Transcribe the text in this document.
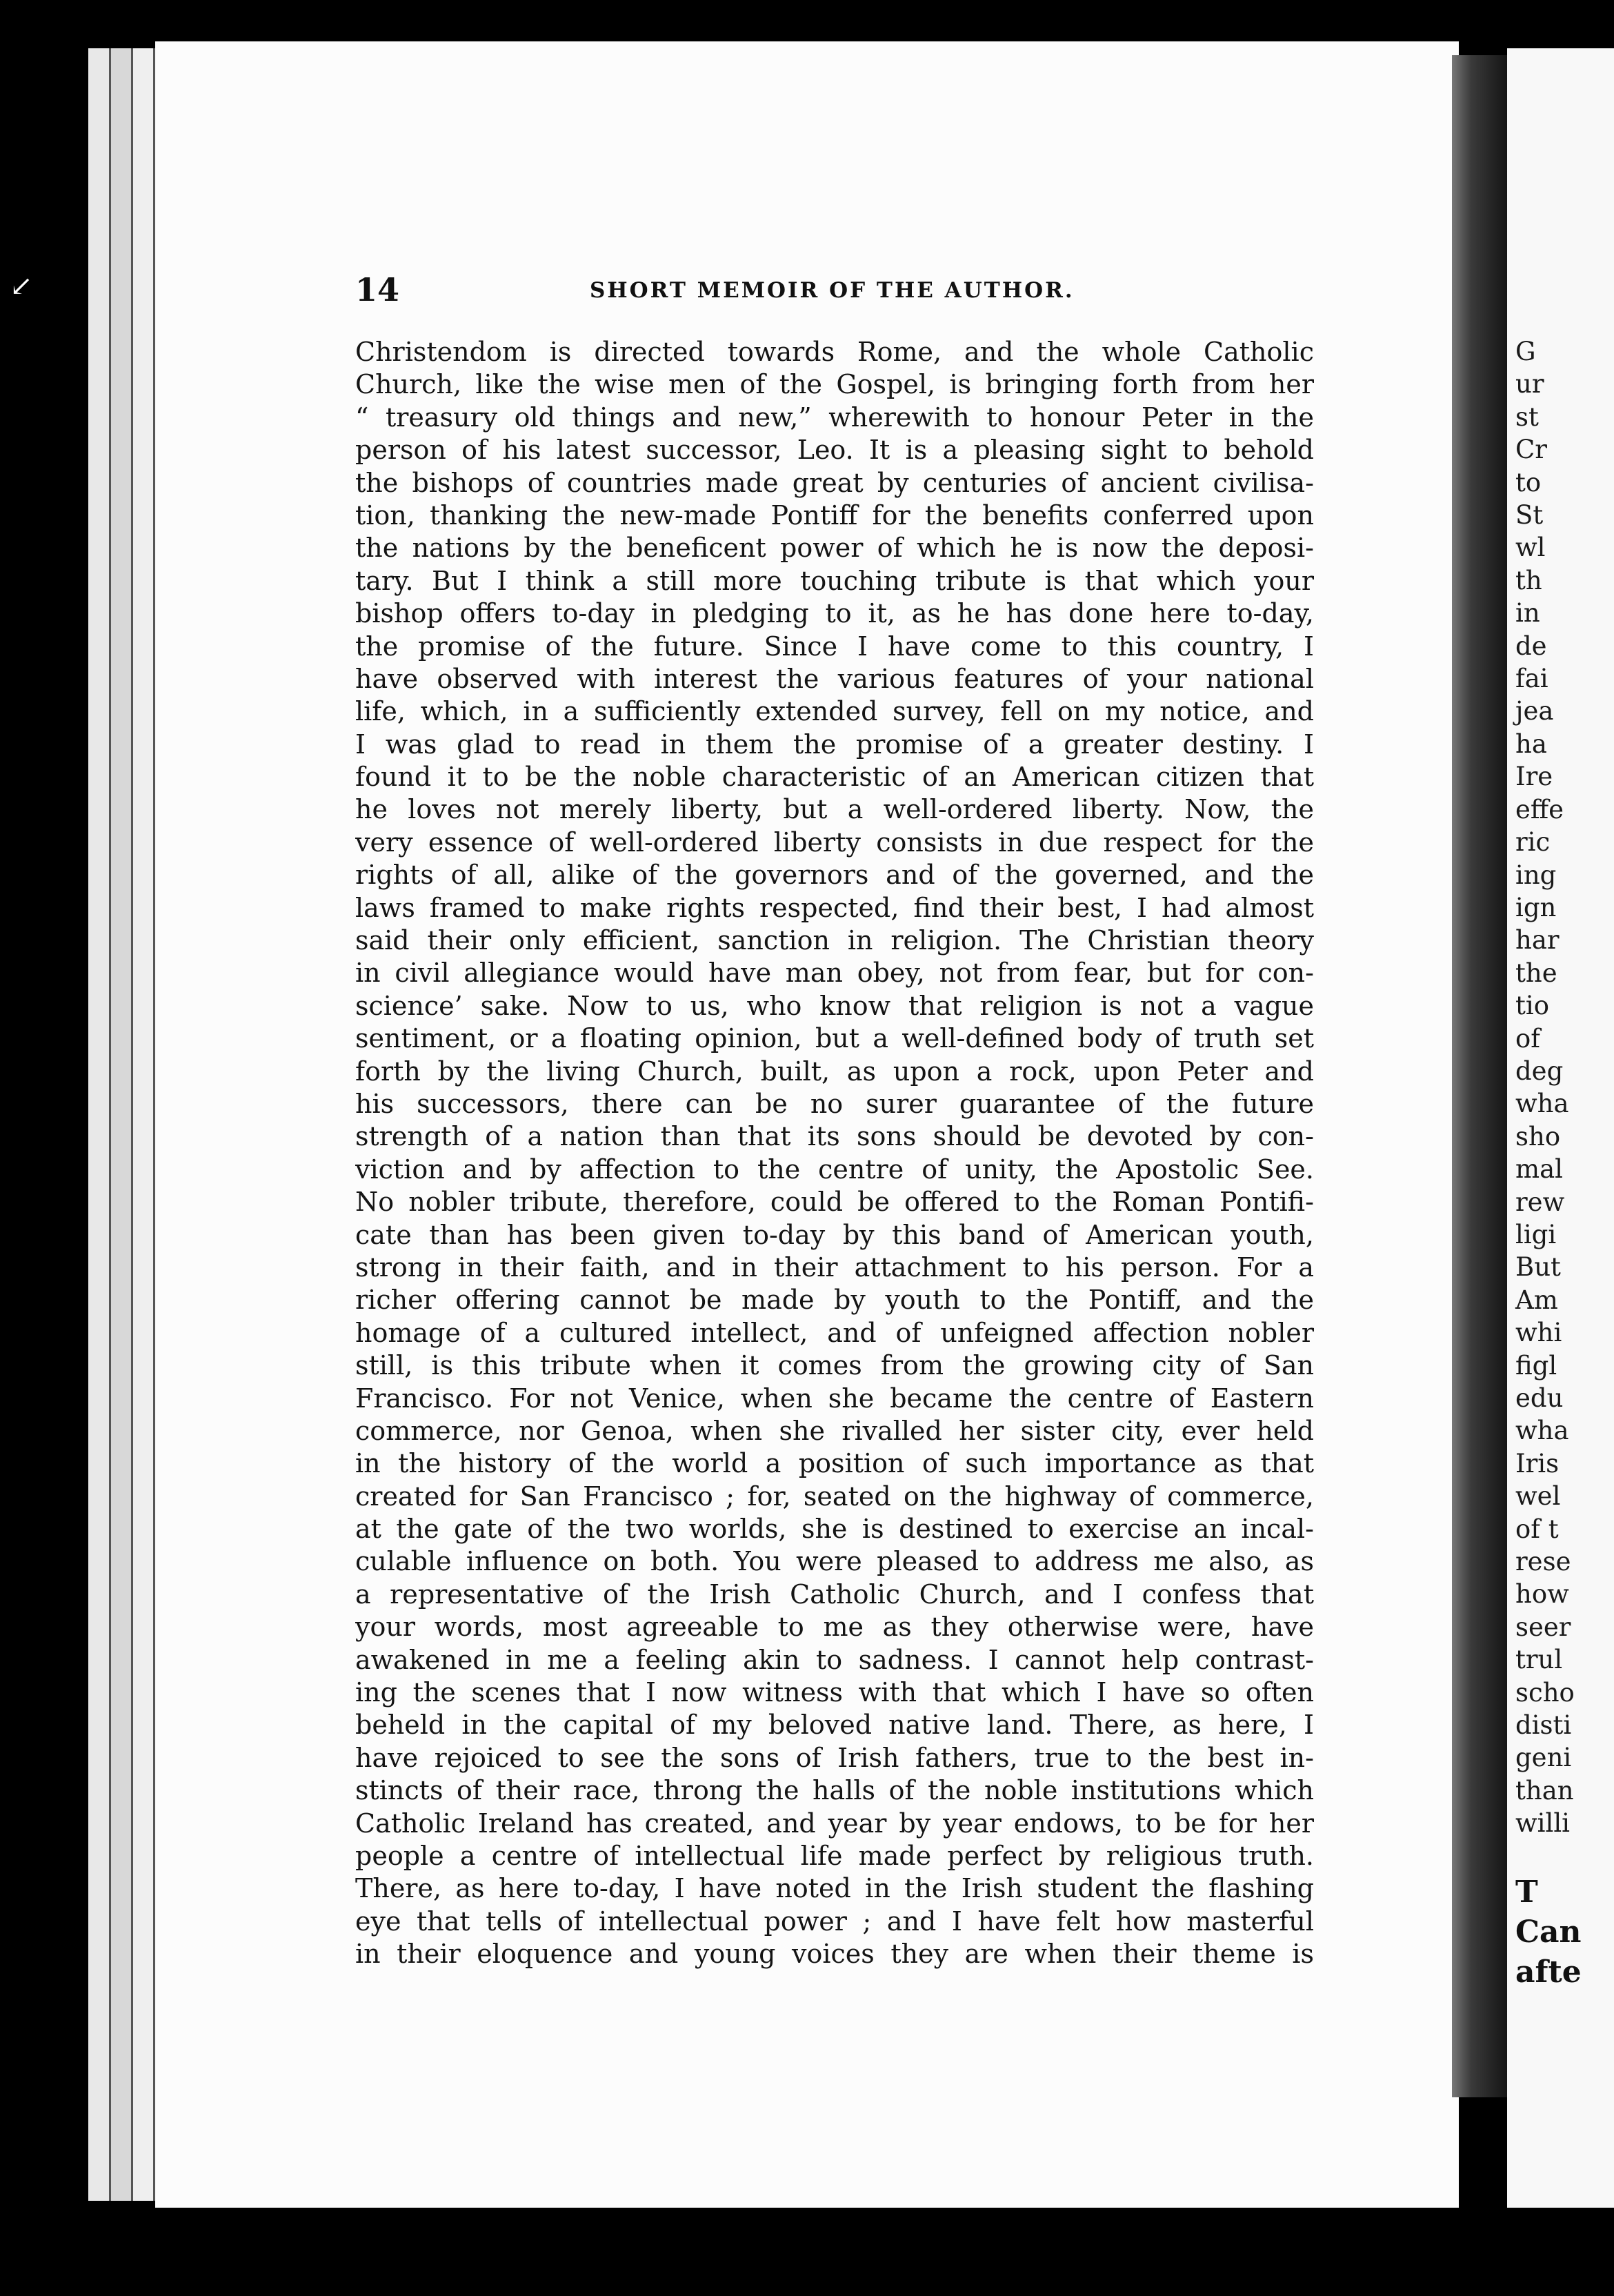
↙
G
ur
st
Cr
to
St
wl
th
in
de
fai
jea
ha
Ire
effe
ric
ing
ign
har
the
tio
of
deg
wha
sho
mal
rew
ligi
But
Am
whi
figl
edu
wha
Iris
wel
of t
rese
how
seer
trul
scho
disti
geni
than
willi
T
Can
afte
14	SHORT MEMOIR OF THE AUTHOR.
Christendom is directed towards Rome, and the whole Catholic
Church, like the wise men of the Gospel, is bringing forth from her
“ treasury old things and new,” wherewith to honour Peter in the
person of his latest successor, Leo. It is a pleasing sight to behold
the bishops of countries made great by centuries of ancient civilisa-
tion, thanking the new-made Pontiff for the benefits conferred upon
the nations by the beneficent power of which he is now the deposi-
tary. But I think a still more touching tribute is that which your
bishop offers to-day in pledging to it, as he has done here to-day,
the promise of the future. Since I have come to this country, I
have observed with interest the various features of your national
life, which, in a sufficiently extended survey, fell on my notice, and
I was glad to read in them the promise of a greater destiny. I
found it to be the noble characteristic of an American citizen that
he loves not merely liberty, but a well-ordered liberty. Now, the
very essence of well-ordered liberty consists in due respect for the
rights of all, alike of the governors and of the governed, and the
laws framed to make rights respected, find their best, I had almost
said their only efficient, sanction in religion. The Christian theory
in civil allegiance would have man obey, not from fear, but for con-
science’ sake. Now to us, who know that religion is not a vague
sentiment, or a floating opinion, but a well-defined body of truth set
forth by the living Church, built, as upon a rock, upon Peter and
his successors, there can be no surer guarantee of the future
strength of a nation than that its sons should be devoted by con-
viction and by affection to the centre of unity, the Apostolic See.
No nobler tribute, therefore, could be offered to the Roman Pontifi-
cate than has been given to-day by this band of American youth,
strong in their faith, and in their attachment to his person. For a
richer offering cannot be made by youth to the Pontiff, and the
homage of a cultured intellect, and of unfeigned affection nobler
still, is this tribute when it comes from the growing city of San
Francisco. For not Venice, when she became the centre of Eastern
commerce, nor Genoa, when she rivalled her sister city, ever held
in the history of the world a position of such importance as that
created for San Francisco ; for, seated on the highway of commerce,
at the gate of the two worlds, she is destined to exercise an incal-
culable influence on both. You were pleased to address me also, as
a representative of the Irish Catholic Church, and I confess that
your words, most agreeable to me as they otherwise were, have
awakened in me a feeling akin to sadness. I cannot help contrast-
ing the scenes that I now witness with that which I have so often
beheld in the capital of my beloved native land. There, as here, I
have rejoiced to see the sons of Irish fathers, true to the best in-
stincts of their race, throng the halls of the noble institutions which
Catholic Ireland has created, and year by year endows, to be for her
people a centre of intellectual life made perfect by religious truth.
There, as here to-day, I have noted in the Irish student the flashing
eye that tells of intellectual power ; and I have felt how masterful
in their eloquence and young voices they are when their theme is
